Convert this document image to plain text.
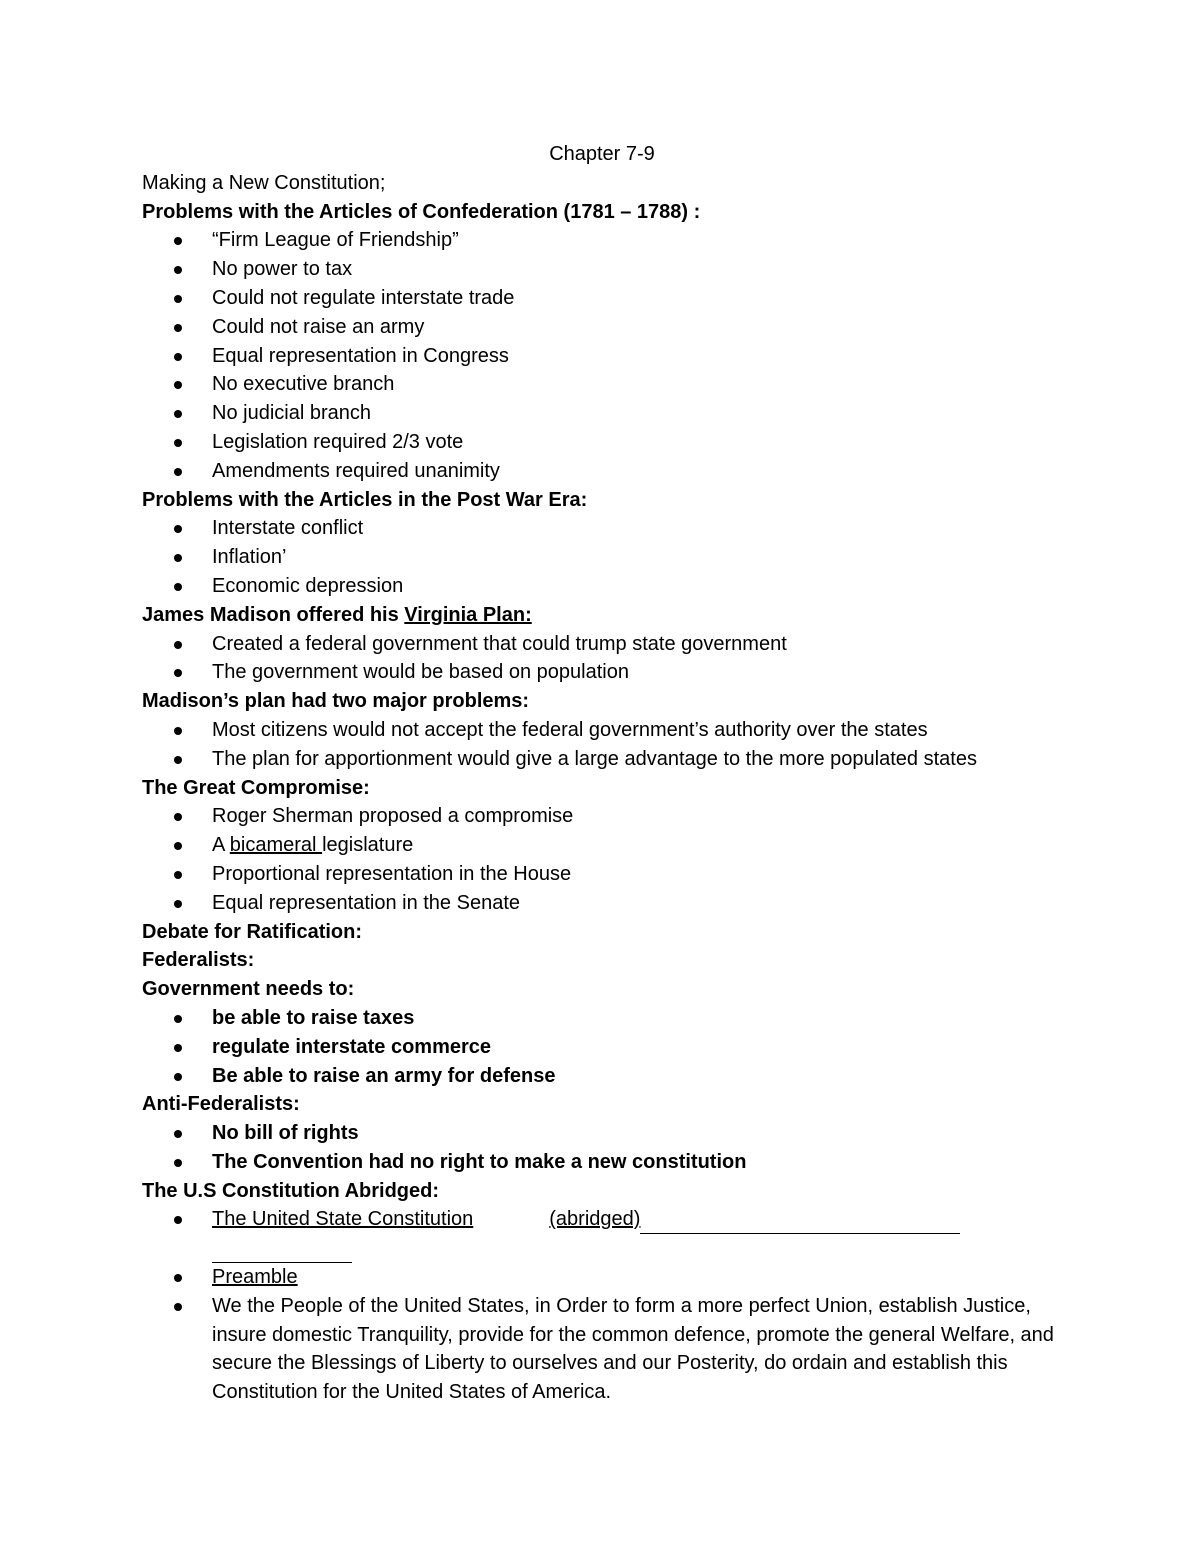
Chapter 7-9
Making a New Constitution;
Problems with the Articles of Confederation (1781 – 1788) :
“Firm League of Friendship”
No power to tax
Could not regulate interstate trade
Could not raise an army
Equal representation in Congress
No executive branch
No judicial branch
Legislation required 2/3 vote
Amendments required unanimity
Problems with the Articles in the Post War Era:
Interstate conflict
Inflation’
Economic depression
James Madison offered his Virginia Plan:
Created a federal government that could trump state government
The government would be based on population
Madison’s plan had two major problems:
Most citizens would not accept the federal government’s authority over the states
The plan for apportionment would give a large advantage to the more populated states
The Great Compromise:
Roger Sherman proposed a compromise
A bicameral legislature
Proportional representation in the House
Equal representation in the Senate
Debate for Ratification:
Federalists:
Government needs to:
be able to raise taxes
regulate interstate commerce
Be able to raise an army for defense
Anti-Federalists:
No bill of rights
The Convention had no right to make a new constitution
The U.S Constitution Abridged:
The United State Constitution	(abridged)
Preamble
We the People of the United States, in Order to form a more perfect Union, establish Justice, insure domestic Tranquility, provide for the common defence, promote the general Welfare, and secure the Blessings of Liberty to ourselves and our Posterity, do ordain and establish this Constitution for the United States of America.
